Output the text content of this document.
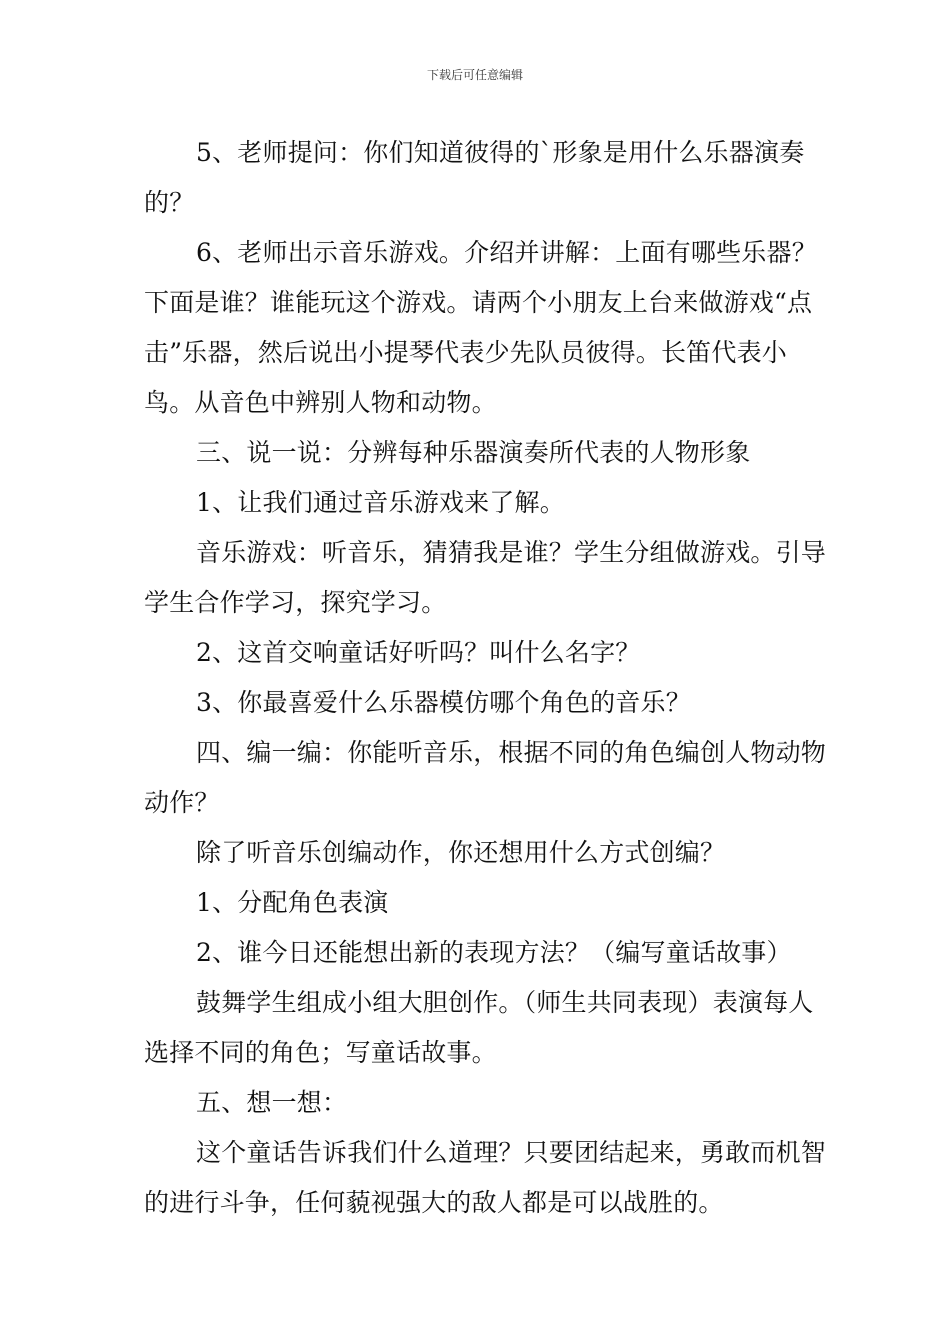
下载后可任意编辑

5、老师提问：你们知道彼得的`形象是用什么乐器演奏的？

6、老师出示音乐游戏。介绍并讲解：上面有哪些乐器？下面是谁？谁能玩这个游戏。请两个小朋友上台来做游戏“点击”乐器，然后说出小提琴代表少先队员彼得。长笛代表小鸟。从音色中辨别人物和动物。

三、说一说：分辨每种乐器演奏所代表的人物形象

1、让我们通过音乐游戏来了解。

音乐游戏：听音乐，猜猜我是谁？学生分组做游戏。引导学生合作学习，探究学习。

2、这首交响童话好听吗？叫什么名字？

3、你最喜爱什么乐器模仿哪个角色的音乐？

四、编一编：你能听音乐，根据不同的角色编创人物动物动作？

除了听音乐创编动作，你还想用什么方式创编？

1、分配角色表演

2、谁今日还能想出新的表现方法？（编写童话故事）

鼓舞学生组成小组大胆创作。（师生共同表现）表演每人选择不同的角色；写童话故事。

五、想一想：

这个童话告诉我们什么道理？只要团结起来，勇敢而机智的进行斗争，任何藐视强大的敌人都是可以战胜的。
